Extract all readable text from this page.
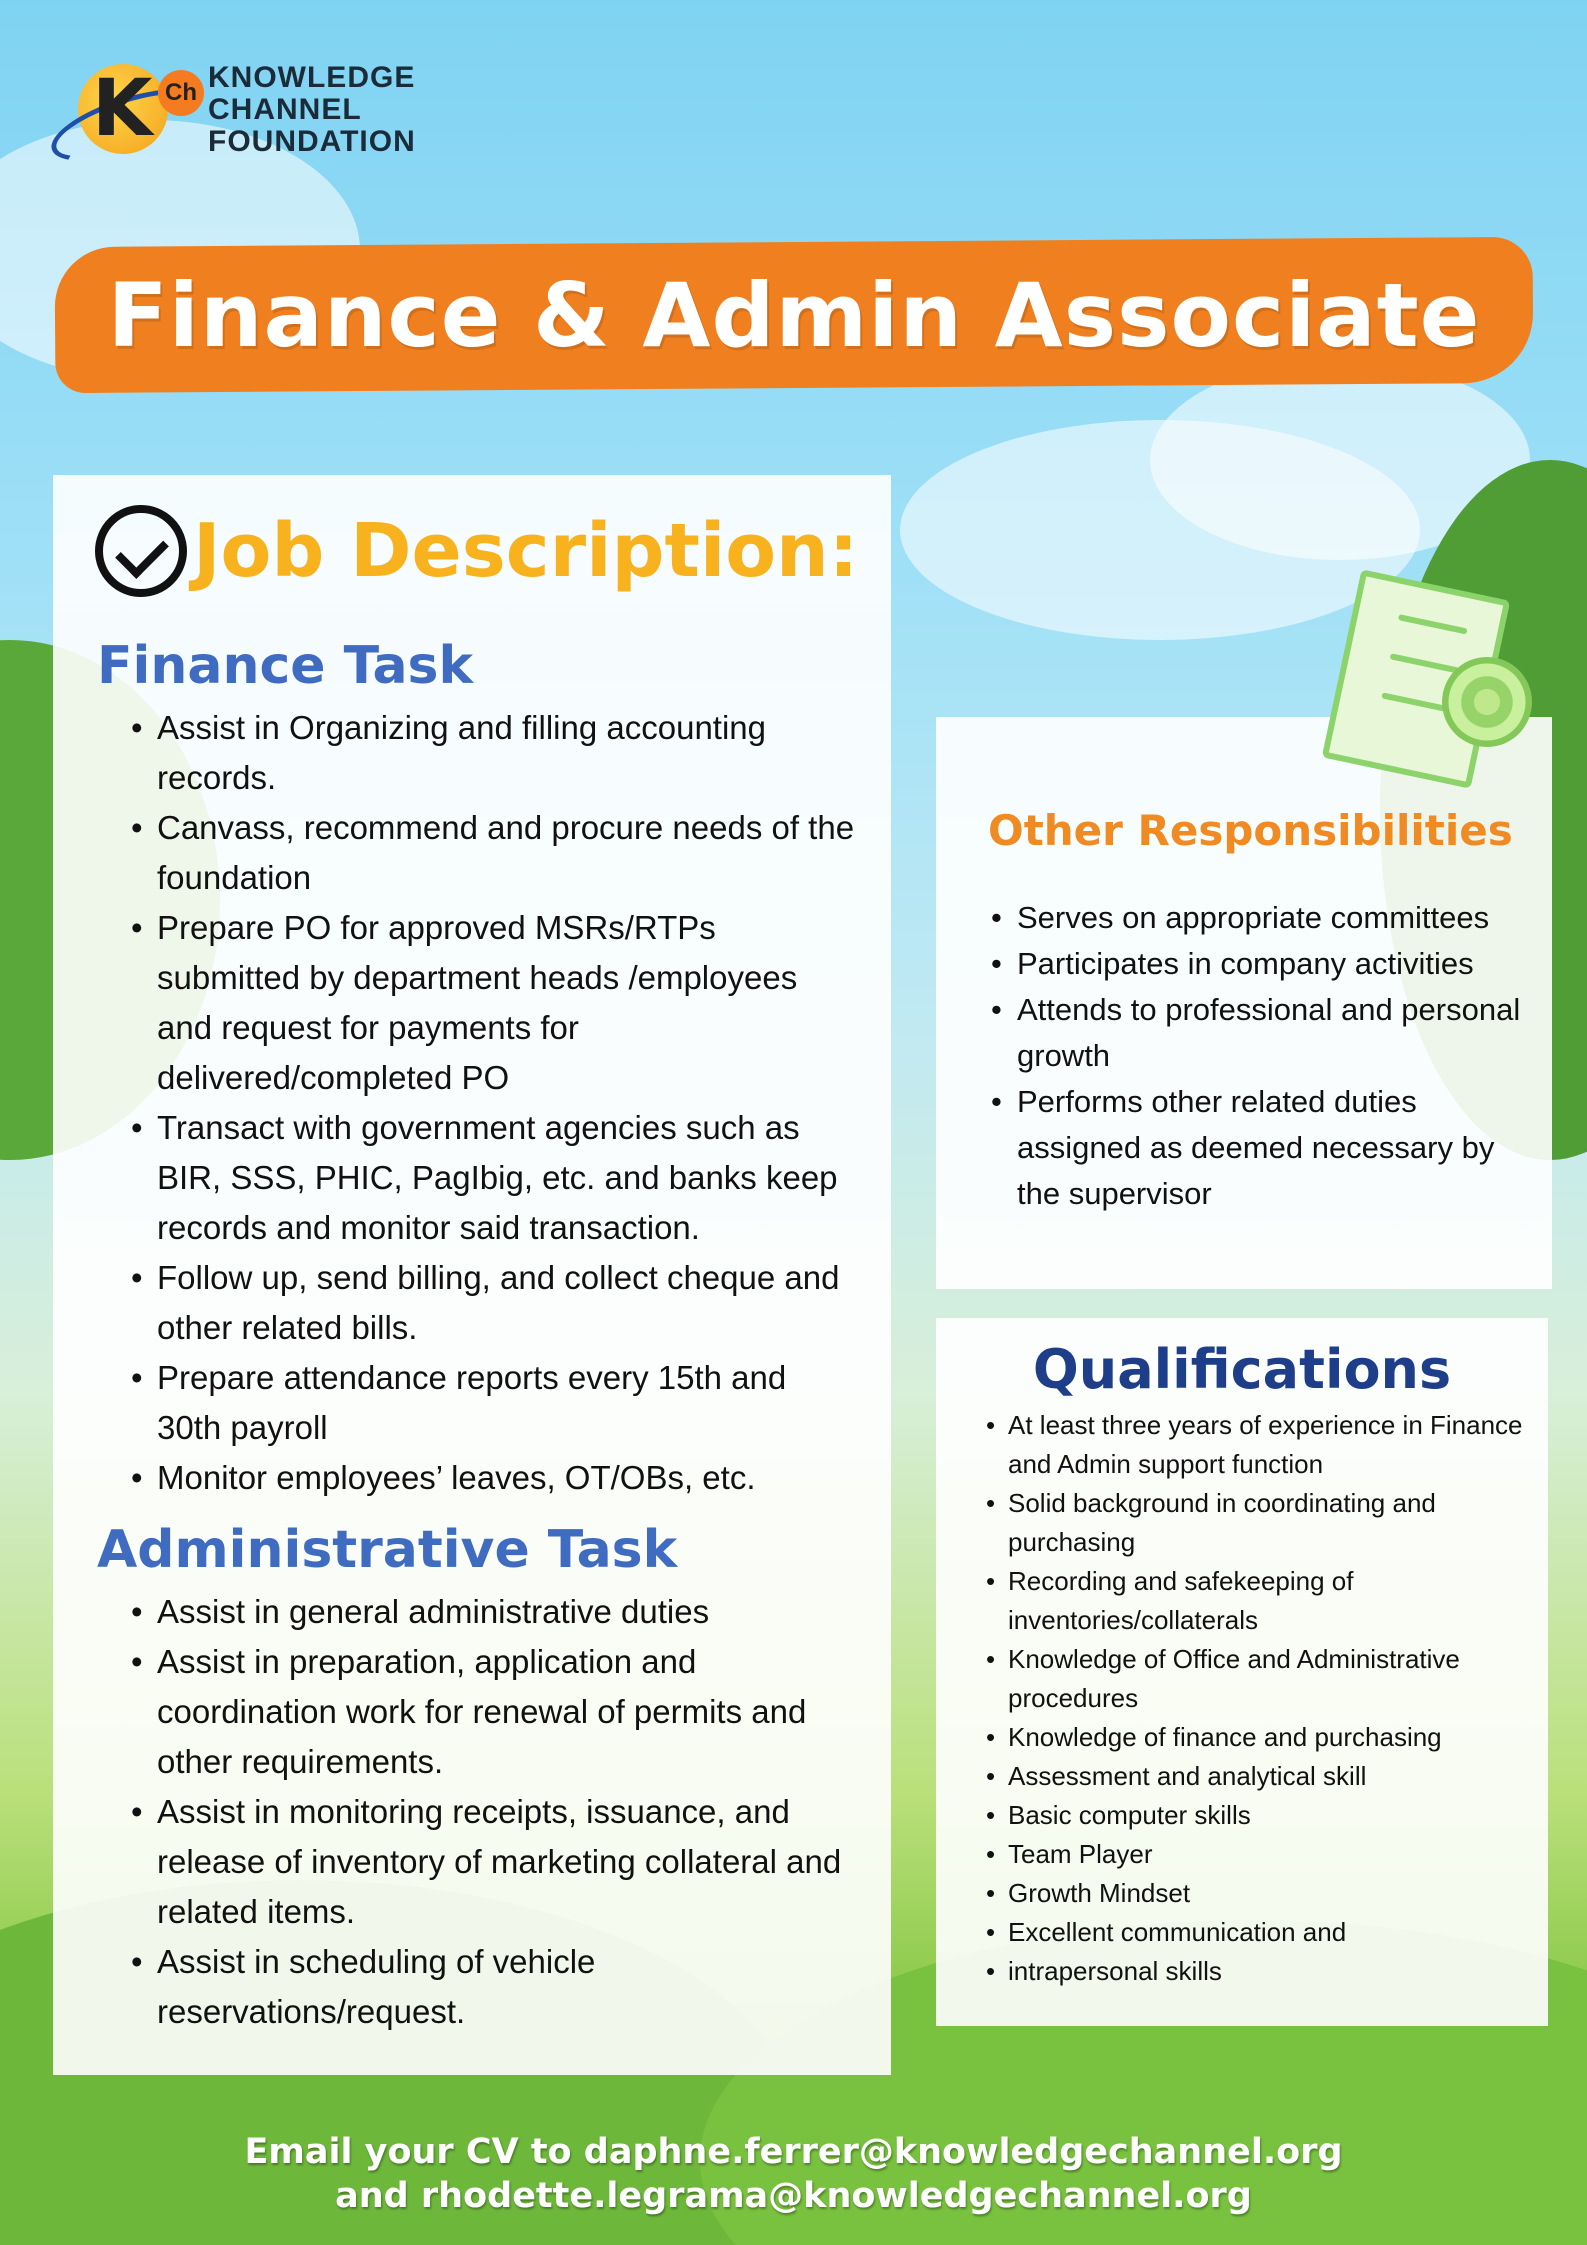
K Ch KNOWLEDGE
CHANNEL
FOUNDATION
Finance & Admin Associate
Job Description:
Finance Task
• Assist in Organizing and filling accounting records.
• Canvass, recommend and procure needs of the foundation
• Prepare PO for approved MSRs/RTPs submitted by department heads /employees and request for payments for delivered/completed PO
• Transact with government agencies such as BIR, SSS, PHIC, PagIbig, etc. and banks keep records and monitor said transaction.
• Follow up, send billing, and collect cheque and other related bills.
• Prepare attendance reports every 15th and 30th payroll
• Monitor employees’ leaves, OT/OBs, etc.
Administrative Task
• Assist in general administrative duties
• Assist in preparation, application and coordination work for renewal of permits and other requirements.
• Assist in monitoring receipts, issuance, and release of inventory of marketing collateral and related items.
• Assist in scheduling of vehicle reservations/request.
Other Responsibilities
• Serves on appropriate committees
• Participates in company activities
• Attends to professional and personal growth
• Performs other related duties assigned as deemed necessary by the supervisor
Qualifications
• At least three years of experience in Finance and Admin support function
• Solid background in coordinating and purchasing
• Recording and safekeeping of inventories/collaterals
• Knowledge of Office and Administrative procedures
• Knowledge of finance and purchasing
• Assessment and analytical skill
• Basic computer skills
• Team Player
• Growth Mindset
• Excellent communication and
• intrapersonal skills
Email your CV to daphne.ferrer@knowledgechannel.org
and rhodette.legrama@knowledgechannel.org
